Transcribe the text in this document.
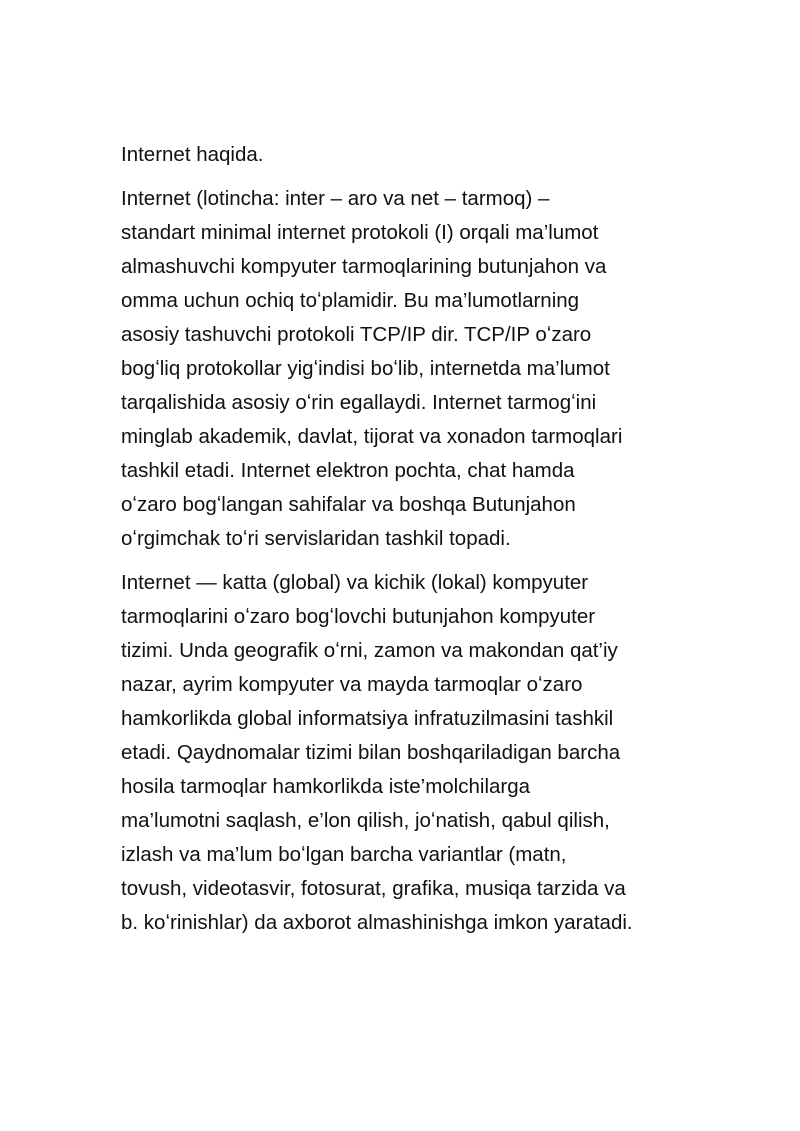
Internet haqida.
Internet (lotincha: inter – aro va net – tarmoq) –
standart minimal internet protokoli (I) orqali ma’lumot
almashuvchi kompyuter tarmoqlarining butunjahon va
omma uchun ochiq toʻplamidir. Bu ma’lumotlarning
asosiy tashuvchi protokoli TCP/IP dir. TCP/IP oʻzaro
bogʻliq protokollar yigʻindisi boʻlib, internetda ma’lumot
tarqalishida asosiy oʻrin egallaydi. Internet tarmogʻini
minglab akademik, davlat, tijorat va xonadon tarmoqlari
tashkil etadi. Internet elektron pochta, chat hamda
oʻzaro bogʻlangan sahifalar va boshqa Butunjahon
oʻrgimchak toʻri servislaridan tashkil topadi.
Internet — katta (global) va kichik (lokal) kompyuter
tarmoqlarini oʻzaro bogʻlovchi butunjahon kompyuter
tizimi. Unda geografik oʻrni, zamon va makondan qat’iy
nazar, ayrim kompyuter va mayda tarmoqlar oʻzaro
hamkorlikda global informatsiya infratuzilmasini tashkil
etadi. Qaydnomalar tizimi bilan boshqariladigan barcha
hosila tarmoqlar hamkorlikda iste’molchilarga
ma’lumotni saqlash, e’lon qilish, joʻnatish, qabul qilish,
izlash va ma’lum boʻlgan barcha variantlar (matn,
tovush, videotasvir, fotosurat, grafika, musiqa tarzida va
b. koʻrinishlar) da axborot almashinishga imkon yaratadi.
